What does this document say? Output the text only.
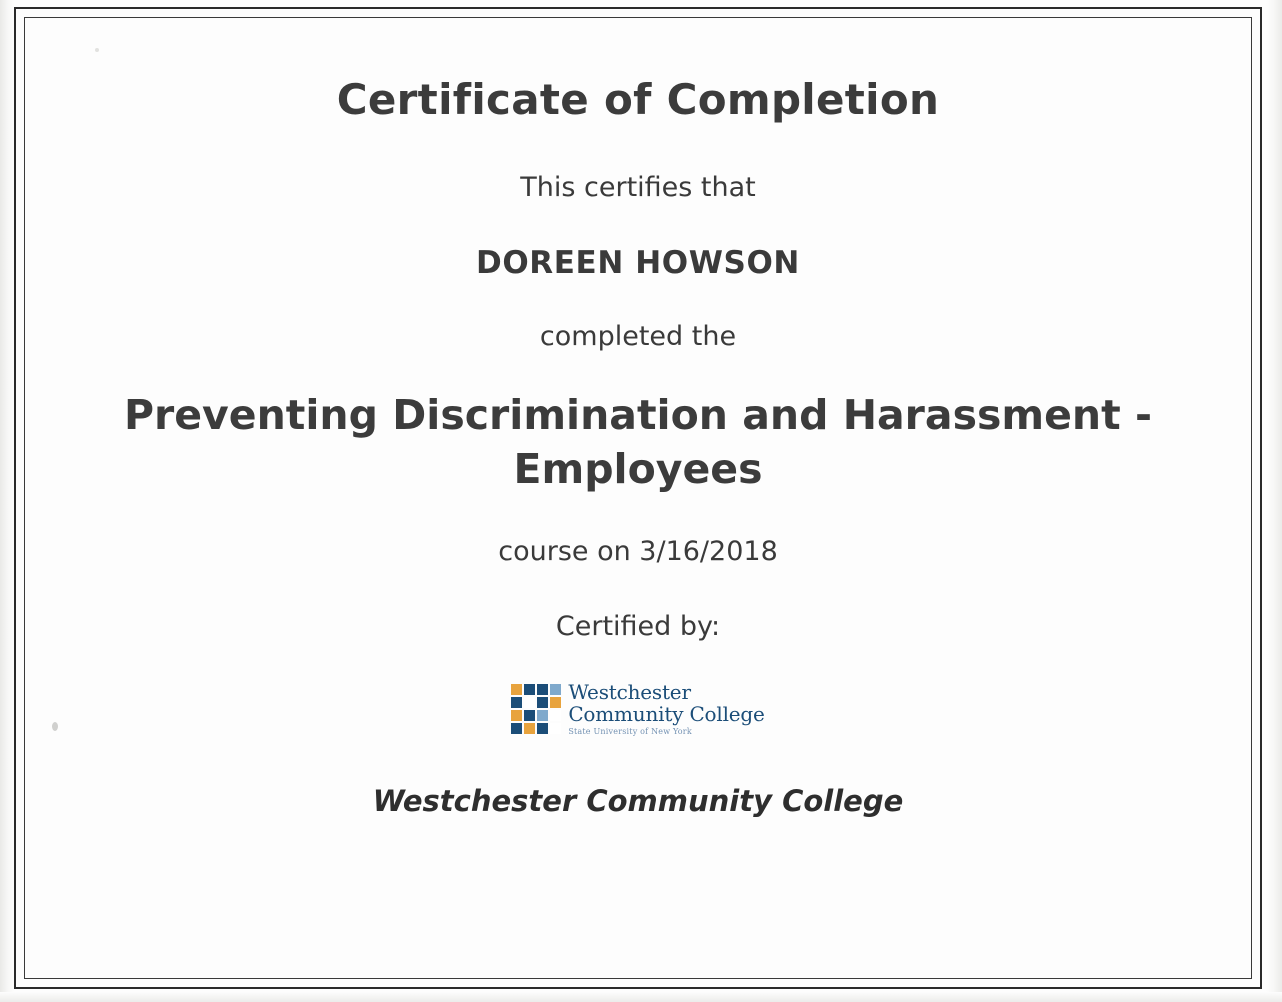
Certificate of Completion
This certifies that
DOREEN HOWSON
completed the
Preventing Discrimination and Harassment - Employees
course on 3/16/2018
Certified by:
Westchester
Community College
State University of New York
Westchester Community College
